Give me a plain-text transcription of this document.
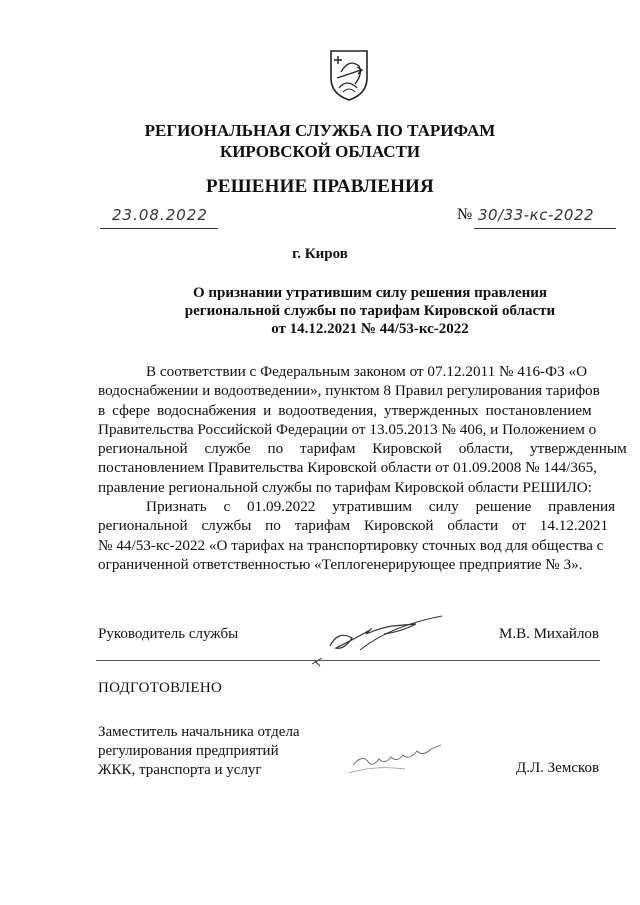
РЕГИОНАЛЬНАЯ СЛУЖБА ПО ТАРИФАМ
КИРОВСКОЙ ОБЛАСТИ
РЕШЕНИЕ ПРАВЛЕНИЯ
23.08.2022	№ 30/33-кс-2022
г. Киров
О признании утратившим силу решения правления
региональной службы по тарифам Кировской области
от 14.12.2021 № 44/53-кс-2022
В соответствии с Федеральным законом от 07.12.2011 № 416-ФЗ «О
водоснабжении и водоотведении», пунктом 8 Правил регулирования тарифов
в сфере водоснабжения и водоотведения, утвержденных постановлением
Правительства Российской Федерации от 13.05.2013 № 406, и Положением о
региональной службе по тарифам Кировской области, утвержденным
постановлением Правительства Кировской области от 01.09.2008 № 144/365,
правление региональной службы по тарифам Кировской области РЕШИЛО:
Признать с 01.09.2022 утратившим силу решение правления
региональной службы по тарифам Кировской области от 14.12.2021
№ 44/53-кс-2022 «О тарифах на транспортировку сточных вод для общества с
ограниченной ответственностью «Теплогенерирующее предприятие № 3».
Руководитель службы	М.В. Михайлов
ПОДГОТОВЛЕНО
Заместитель начальника отдела
регулирования предприятий
ЖКК, транспорта и услуг	Д.Л. Земсков
